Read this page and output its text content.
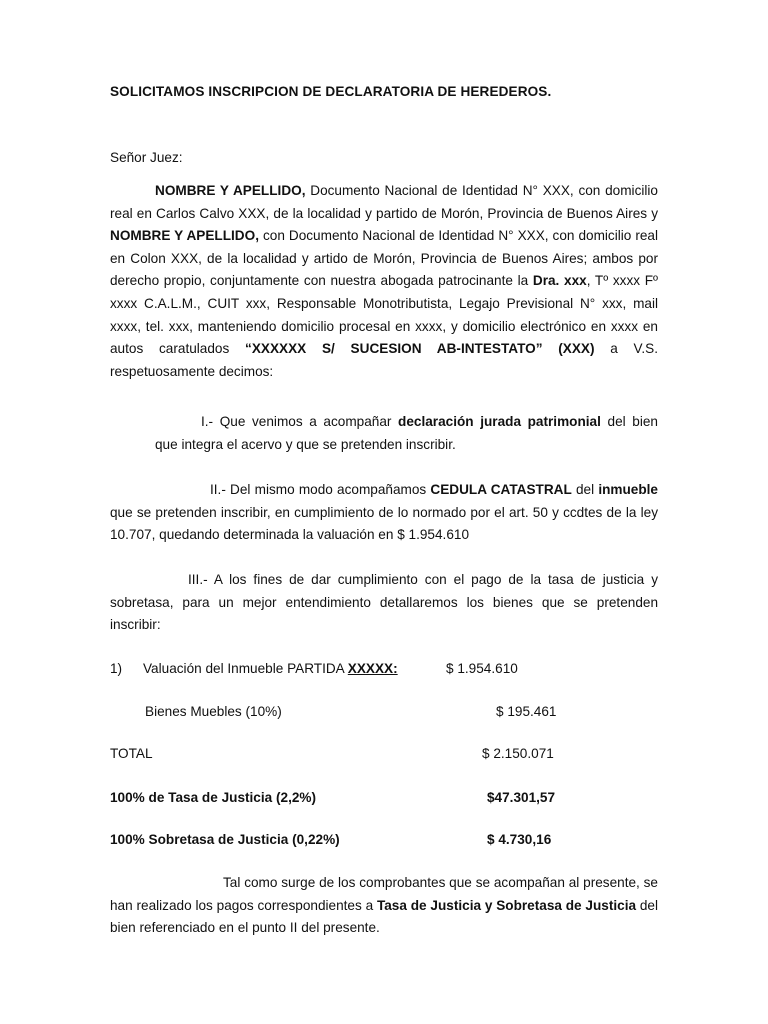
SOLICITAMOS INSCRIPCION DE DECLARATORIA DE HEREDEROS.
Señor Juez:

NOMBRE Y APELLIDO, Documento Nacional de Identidad N° XXX, con domicilio real en Carlos Calvo XXX, de la localidad y partido de Morón, Provincia de Buenos Aires y NOMBRE Y APELLIDO, con Documento Nacional de Identidad N° XXX, con domicilio real en Colon XXX, de la localidad y artido de Morón, Provincia de Buenos Aires; ambos por derecho propio, conjuntamente con nuestra abogada patrocinante la Dra. xxx, Tº xxxx Fº xxxx C.A.L.M., CUIT xxx, Responsable Monotributista, Legajo Previsional N° xxx, mail xxxx, tel. xxx, manteniendo domicilio procesal en xxxx, y domicilio electrónico en xxxx en autos caratulados “XXXXXX S/ SUCESION AB-INTESTATO” (XXX) a V.S. respetuosamente decimos:

I.- Que venimos a acompañar declaración jurada patrimonial del bien que integra el acervo y que se pretenden inscribir.

II.- Del mismo modo acompañamos CEDULA CATASTRAL del inmueble que se pretenden inscribir, en cumplimiento de lo normado por el art. 50 y ccdtes de la ley 10.707, quedando determinada la valuación en $ 1.954.610

III.- A los fines de dar cumplimiento con el pago de la tasa de justicia y sobretasa, para un mejor entendimiento detallaremos los bienes que se pretenden inscribir:

1) Valuación del Inmueble PARTIDA XXXXX:	$ 1.954.610
Bienes Muebles (10%)	$ 195.461
TOTAL	$ 2.150.071
100% de Tasa de Justicia (2,2%)	$47.301,57
100% Sobretasa de Justicia (0,22%)	$ 4.730,16

Tal como surge de los comprobantes que se acompañan al presente, se han realizado los pagos correspondientes a Tasa de Justicia y Sobretasa de Justicia del bien referenciado en el punto II del presente.
